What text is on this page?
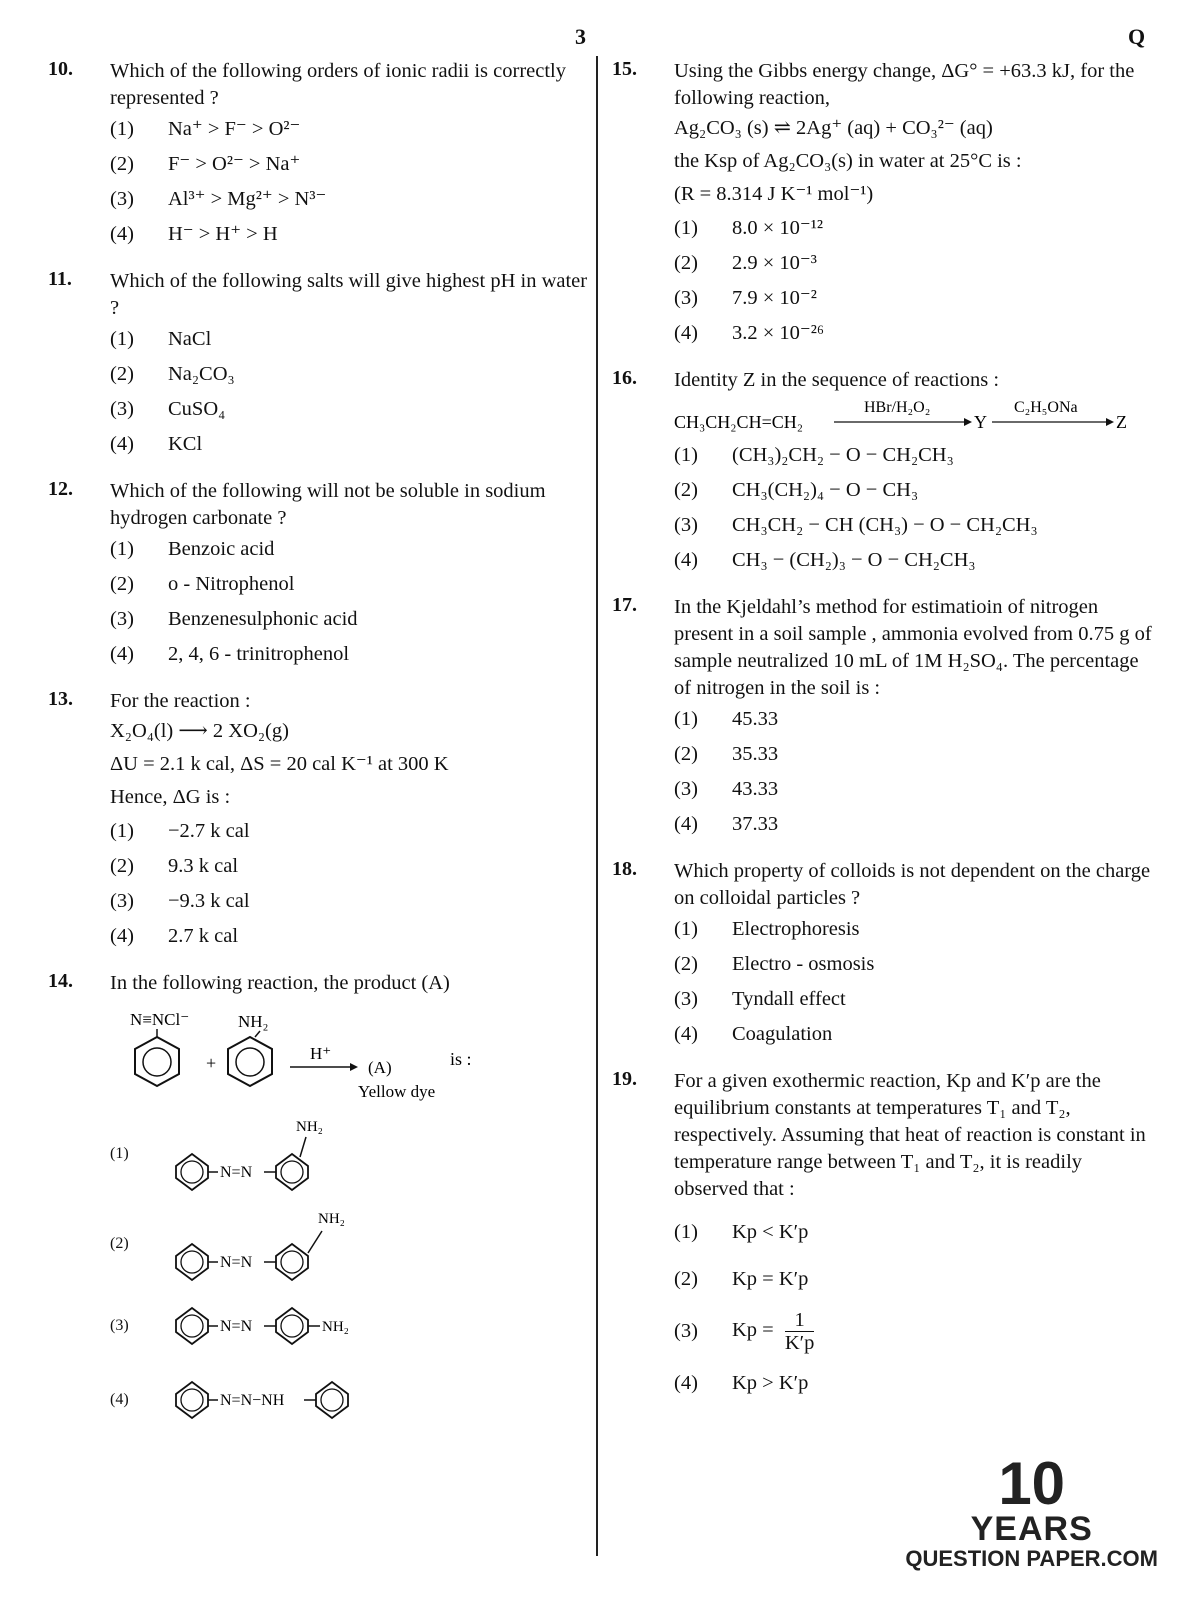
3	Q
10. Which of the following orders of ionic radii is correctly represented ?
(1)	Na⁺ > F⁻ > O²⁻
(2)	F⁻ > O²⁻ > Na⁺
(3)	Al³⁺ > Mg²⁺ > N³⁻
(4)	H⁻ > H⁺ > H
11. Which of the following salts will give highest pH in water ?
(1)	NaCl
(2)	Na₂CO₃
(3)	CuSO₄
(4)	KCl
12. Which of the following will not be soluble in sodium hydrogen carbonate ?
(1)	Benzoic acid
(2)	o - Nitrophenol
(3)	Benzenesulphonic acid
(4)	2, 4, 6 - trinitrophenol
13. For the reaction :
X₂O₄(l) ⟶ 2 XO₂(g)
ΔU = 2.1 k cal, ΔS = 20 cal K⁻¹ at 300 K
Hence, ΔG is :
(1)	−2.7 k cal
(2)	9.3 k cal
(3)	−9.3 k cal
(4)	2.7 k cal
14. In the following reaction, the product (A)
N≡NCl⁻
+
NH₂
H⁺
(A)
Yellow dye
is :
(1)
NH₂
N=N
(2)
NH₂
N=N
(3)	N=N	NH₂
(4)	N=N−NH
15. Using the Gibbs energy change, ΔG° = +63.3 kJ, for the following reaction,
Ag₂CO₃ (s) ⇌ 2Ag⁺ (aq) + CO₃²⁻ (aq)
the Ksp of Ag₂CO₃(s) in water at 25°C is :
(R = 8.314 J K⁻¹ mol⁻¹)
(1)	8.0 × 10⁻¹²
(2)	2.9 × 10⁻³
(3)	7.9 × 10⁻²
(4)	3.2 × 10⁻²⁶
16. Identity Z in the sequence of reactions :
CH₃CH₂CH=CH₂
HBr/H₂O₂
Y
C₂H₅ONa
Z
(1)	(CH₃)₂CH₂ − O − CH₂CH₃
(2)	CH₃(CH₂)₄ − O − CH₃
(3)	CH₃CH₂ − CH (CH₃) − O − CH₂CH₃
(4)	CH₃ − (CH₂)₃ − O − CH₂CH₃
17. In the Kjeldahl’s method for estimatioin of nitrogen present in a soil sample , ammonia evolved from 0.75 g of sample neutralized 10 mL of 1M H₂SO₄. The percentage of nitrogen in the soil is :
(1)	45.33
(2)	35.33
(3)	43.33
(4)	37.33
18. Which property of colloids is not dependent on the charge on colloidal particles ?
(1)	Electrophoresis
(2)	Electro - osmosis
(3)	Tyndall effect
(4)	Coagulation
19. For a given exothermic reaction, Kp and K′p are the equilibrium constants at temperatures T₁ and T₂, respectively. Assuming that heat of reaction is constant in temperature range between T₁ and T₂, it is readily observed that :
(1)	Kp < K′p
(2)	Kp = K′p
(3)	$Kp = \frac{1}{K'p}$
(4)	Kp > K′p
10
YEARS
QUESTION PAPER.COM
